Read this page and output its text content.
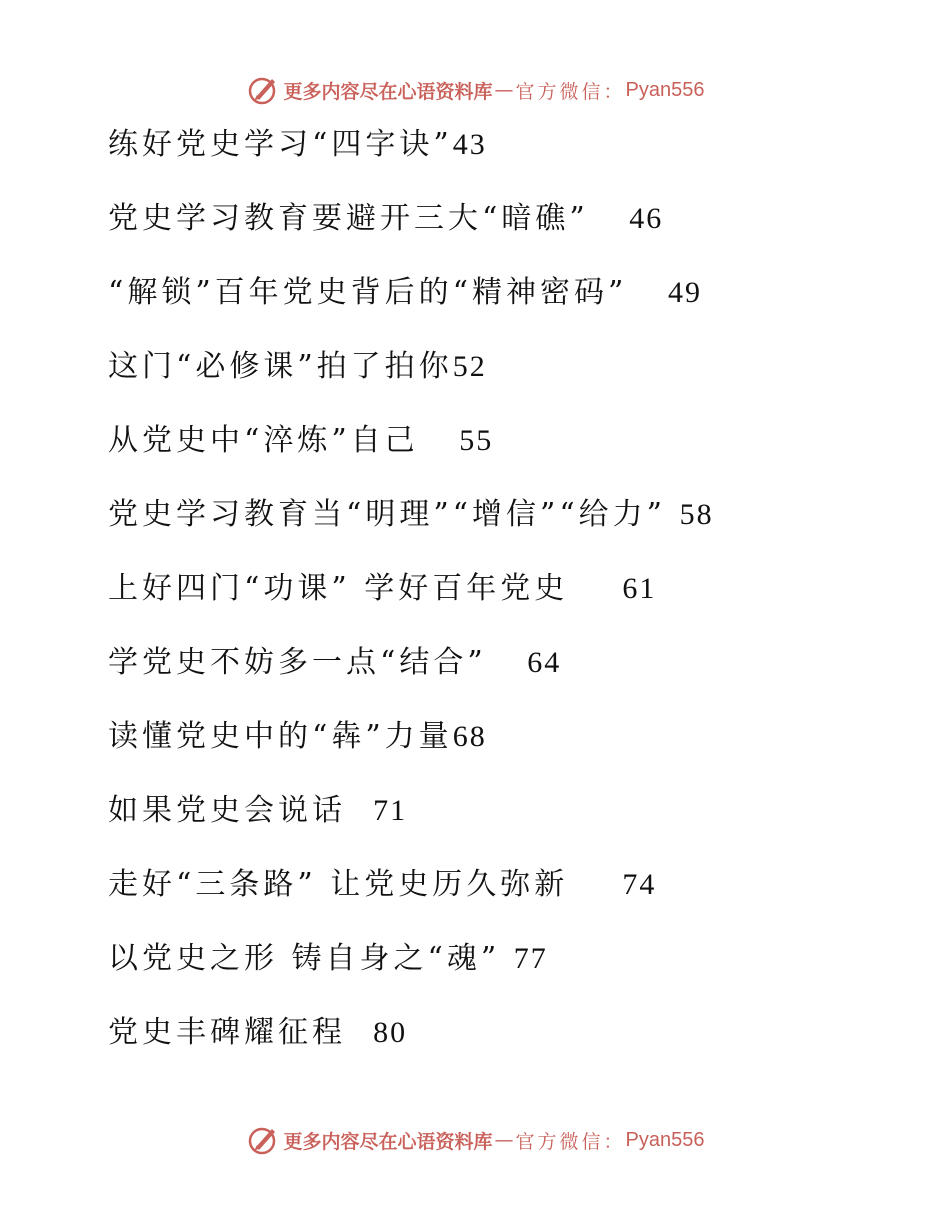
更多内容尽在心语资料库 — 官方微信： Pyan556
练好党史学习“四字诀”43
党史学习教育要避开三大“暗礁” 46
“解锁”百年党史背后的“精神密码” 49
这门“必修课”拍了拍你52
从党史中“淬炼”自己 55
党史学习教育当“明理”“增信”“给力” 58
上好四门“功课” 学好百年党史 61
学党史不妨多一点“结合” 64
读懂党史中的“犇”力量68
如果党史会说话 71
走好“三条路” 让党史历久弥新 74
以党史之形 铸自身之“魂” 77
党史丰碑耀征程 80
更多内容尽在心语资料库 — 官方微信： Pyan556
